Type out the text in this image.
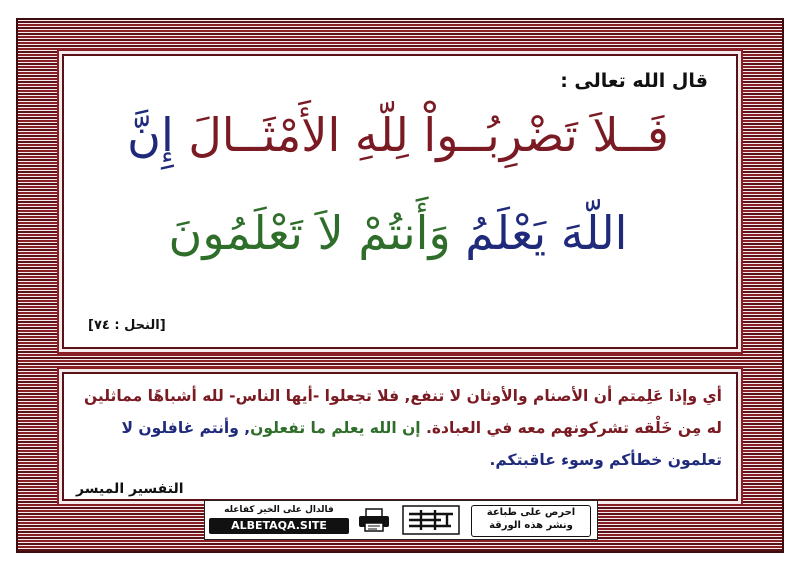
قال الله تعالى :
فَــلاَ تَضْرِبُــواْ لِلّهِ الأَمْثَــالَ إِنَّ
اللّهَ يَعْلَمُ وَأَنتُمْ لاَ تَعْلَمُونَ
[النحل : ٧٤]
أي وإذا عَلِمتم أن الأصنام والأوثان لا تنفع, فلا تجعلوا -أيها الناس- لله أشباهًا مماثلين له مِن خَلْقه تشركونهم معه في العبادة. إن الله يعلم ما تفعلون, وأنتم غافلون لا تعلمون خطأكم وسوء عاقبتكم.
التفسير الميسر
احرص على طباعة
ونشر هذه الورقة
فالدال على الخير كفاعله
ALBETAQA.SITE
